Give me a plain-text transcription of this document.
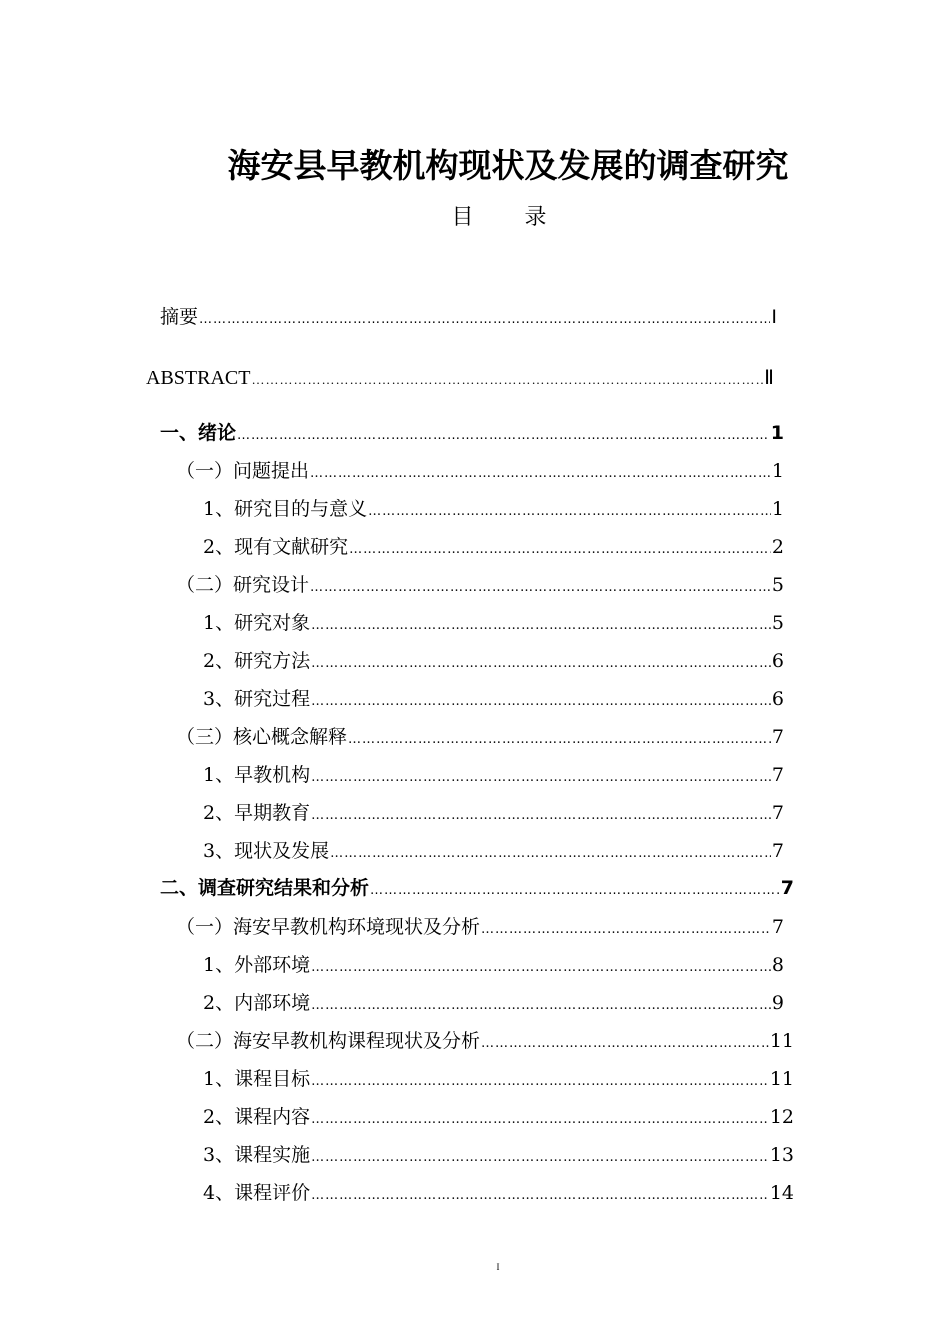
海安县早教机构现状及发展的调查研究
目 录
摘要 …………………………………………………………………………………………………………………………………………………………	Ⅰ
ABSTRACT …………………………………………………………………………………………………………………………………………………………	Ⅱ
一、绪论 …………………………………………………………………………………………………………………………………………………………	1
（一）问题提出 …………………………………………………………………………………………………………………………………………………………	1
1、研究目的与意义 …………………………………………………………………………………………………………………………………………………………	1
2、现有文献研究 …………………………………………………………………………………………………………………………………………………………	2
（二）研究设计 …………………………………………………………………………………………………………………………………………………………	5
1、研究对象 …………………………………………………………………………………………………………………………………………………………	5
2、研究方法 …………………………………………………………………………………………………………………………………………………………	6
3、研究过程 …………………………………………………………………………………………………………………………………………………………	6
（三）核心概念解释 …………………………………………………………………………………………………………………………………………………………	7
1、早教机构 …………………………………………………………………………………………………………………………………………………………	7
2、早期教育 …………………………………………………………………………………………………………………………………………………………	7
3、现状及发展 …………………………………………………………………………………………………………………………………………………………	7
二、调查研究结果和分析 …………………………………………………………………………………………………………………………………………………………	7
（一）海安早教机构环境现状及分析 …………………………………………………………………………………………………………………………………………………………	7
1、外部环境 …………………………………………………………………………………………………………………………………………………………	8
2、内部环境 …………………………………………………………………………………………………………………………………………………………	9
（二）海安早教机构课程现状及分析 …………………………………………………………………………………………………………………………………………………………	11
1、课程目标 …………………………………………………………………………………………………………………………………………………………	11
2、课程内容 …………………………………………………………………………………………………………………………………………………………	12
3、课程实施 …………………………………………………………………………………………………………………………………………………………	13
4、课程评价 …………………………………………………………………………………………………………………………………………………………	14
I
